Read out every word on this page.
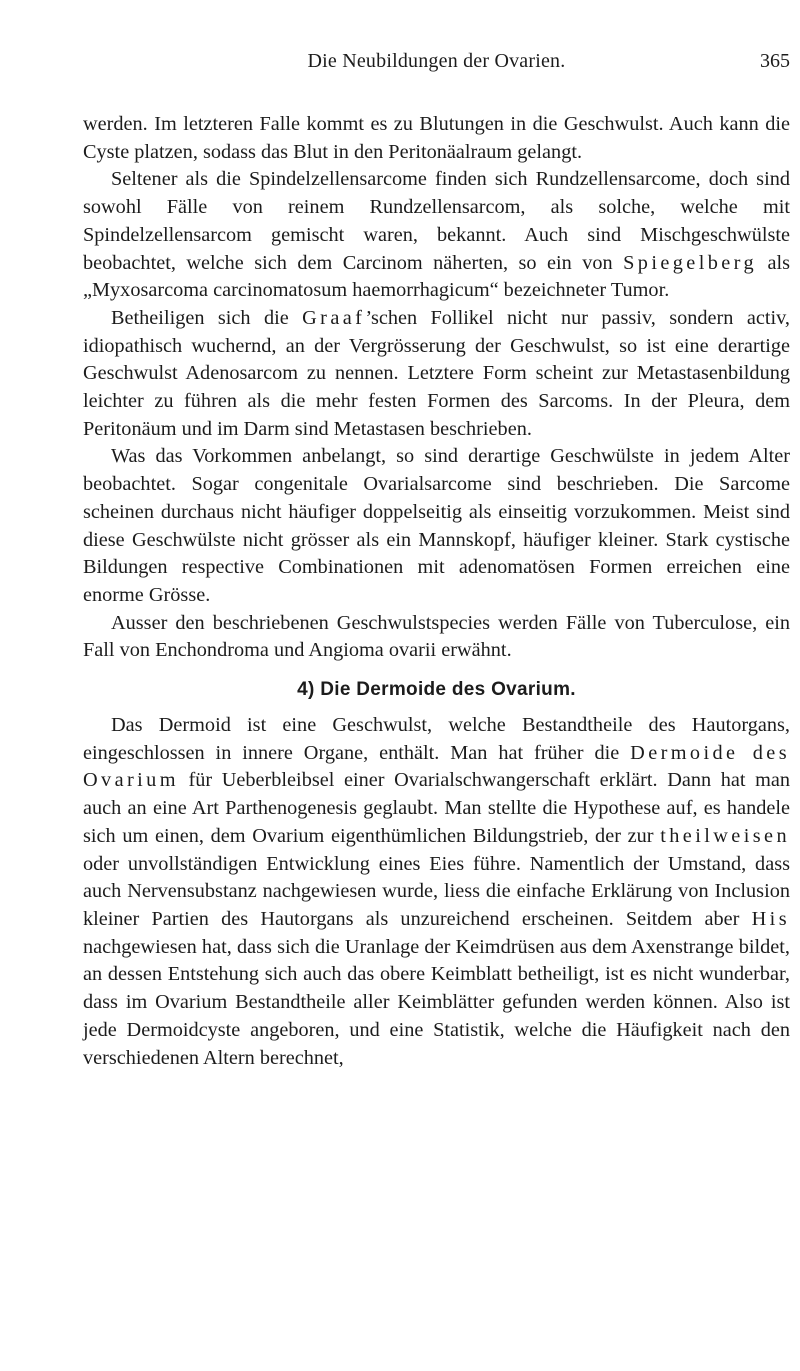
Die Neubildungen der Ovarien.	365

werden. Im letzteren Falle kommt es zu Blutungen in die Geschwulst. Auch kann die Cyste platzen, sodass das Blut in den Peritonäalraum gelangt.

Seltener als die Spindelzellensarcome finden sich Rundzellensarcome, doch sind sowohl Fälle von reinem Rundzellensarcom, als solche, welche mit Spindelzellensarcom gemischt waren, bekannt. Auch sind Mischgeschwülste beobachtet, welche sich dem Carcinom näherten, so ein von Spiegelberg als „Myxosarcoma carcinomatosum haemorrhagicum“ bezeichneter Tumor.

Betheiligen sich die Graaf’schen Follikel nicht nur passiv, sondern activ, idiopathisch wuchernd, an der Vergrösserung der Geschwulst, so ist eine derartige Geschwulst Adenosarcom zu nennen. Letztere Form scheint zur Metastasenbildung leichter zu führen als die mehr festen Formen des Sarcoms. In der Pleura, dem Peritonäum und im Darm sind Metastasen beschrieben.

Was das Vorkommen anbelangt, so sind derartige Geschwülste in jedem Alter beobachtet. Sogar congenitale Ovarialsarcome sind beschrieben. Die Sarcome scheinen durchaus nicht häufiger doppelseitig als einseitig vorzukommen. Meist sind diese Geschwülste nicht grösser als ein Mannskopf, häufiger kleiner. Stark cystische Bildungen respective Combinationen mit adenomatösen Formen erreichen eine enorme Grösse.

Ausser den beschriebenen Geschwulstspecies werden Fälle von Tuberculose, ein Fall von Enchondroma und Angioma ovarii erwähnt.

4) Die Dermoide des Ovarium.

Das Dermoid ist eine Geschwulst, welche Bestandtheile des Hautorgans, eingeschlossen in innere Organe, enthält. Man hat früher die Dermoide des Ovarium für Ueberbleibsel einer Ovarialschwangerschaft erklärt. Dann hat man auch an eine Art Parthenogenesis geglaubt. Man stellte die Hypothese auf, es handele sich um einen, dem Ovarium eigenthümlichen Bildungstrieb, der zur theilweisen oder unvollständigen Entwicklung eines Eies führe. Namentlich der Umstand, dass auch Nervensubstanz nachgewiesen wurde, liess die einfache Erklärung von Inclusion kleiner Partien des Hautorgans als unzureichend erscheinen. Seitdem aber His nachgewiesen hat, dass sich die Uranlage der Keimdrüsen aus dem Axenstrange bildet, an dessen Entstehung sich auch das obere Keimblatt betheiligt, ist es nicht wunderbar, dass im Ovarium Bestandtheile aller Keimblätter gefunden werden können. Also ist jede Dermoidcyste angeboren, und eine Statistik, welche die Häufigkeit nach den verschiedenen Altern berechnet,
